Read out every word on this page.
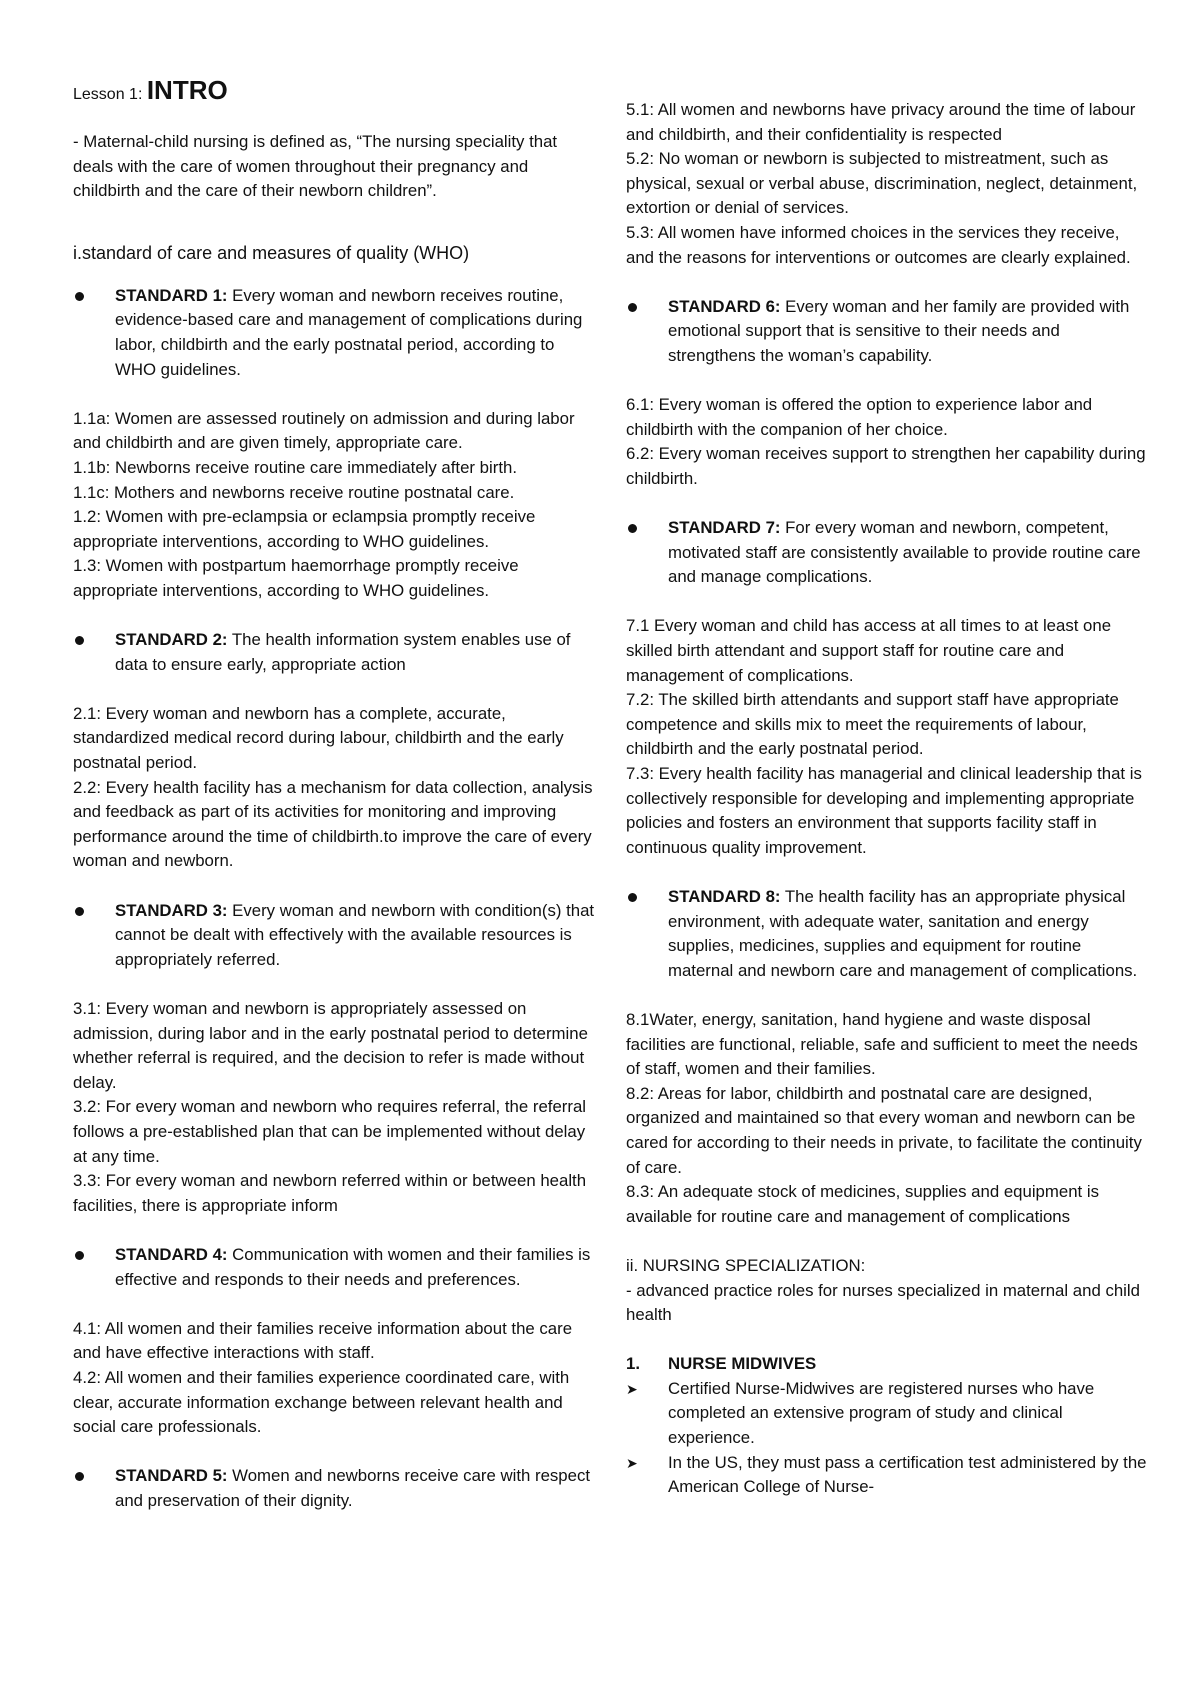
Lesson 1: INTRO

- Maternal-child nursing is defined as, “The nursing speciality that deals with the care of women throughout their pregnancy and childbirth and the care of their newborn children”.

i.standard of care and measures of quality (WHO)

STANDARD 1: Every woman and newborn receives routine, evidence-based care and management of complications during labor, childbirth and the early postnatal period, according to WHO guidelines.

1.1a: Women are assessed routinely on admission and during labor and childbirth and are given timely, appropriate care.

1.1b: Newborns receive routine care immediately after birth.

1.1c: Mothers and newborns receive routine postnatal care.

1.2: Women with pre-eclampsia or eclampsia promptly receive appropriate interventions, according to WHO guidelines.

1.3: Women with postpartum haemorrhage promptly receive appropriate interventions, according to WHO guidelines.

STANDARD 2: The health information system enables use of data to ensure early, appropriate action

2.1: Every woman and newborn has a complete, accurate, standardized medical record during labour, childbirth and the early postnatal period.

2.2: Every health facility has a mechanism for data collection, analysis and feedback as part of its activities for monitoring and improving performance around the time of childbirth.to improve the care of every woman and newborn.

STANDARD 3: Every woman and newborn with condition(s) that cannot be dealt with effectively with the available resources is appropriately referred.

3.1: Every woman and newborn is appropriately assessed on admission, during labor and in the early postnatal period to determine whether referral is required, and the decision to refer is made without delay.

3.2: For every woman and newborn who requires referral, the referral follows a pre-established plan that can be implemented without delay at any time.

3.3: For every woman and newborn referred within or between health facilities, there is appropriate inform

STANDARD 4: Communication with women and their families is effective and responds to their needs and preferences.

4.1: All women and their families receive information about the care and have effective interactions with staff.

4.2: All women and their families experience coordinated care, with clear, accurate information exchange between relevant health and social care professionals.

STANDARD 5: Women and newborns receive care with respect and preservation of their dignity.

5.1: All women and newborns have privacy around the time of labour and childbirth, and their confidentiality is respected

5.2: No woman or newborn is subjected to mistreatment, such as physical, sexual or verbal abuse, discrimination, neglect, detainment, extortion or denial of services.

5.3: All women have informed choices in the services they receive, and the reasons for interventions or outcomes are clearly explained.

STANDARD 6: Every woman and her family are provided with emotional support that is sensitive to their needs and strengthens the woman’s capability.

6.1: Every woman is offered the option to experience labor and childbirth with the companion of her choice.

6.2: Every woman receives support to strengthen her capability during childbirth.

STANDARD 7: For every woman and newborn, competent, motivated staff are consistently available to provide routine care and manage complications.

7.1 Every woman and child has access at all times to at least one skilled birth attendant and support staff for routine care and management of complications.

7.2: The skilled birth attendants and support staff have appropriate competence and skills mix to meet the requirements of labour, childbirth and the early postnatal period.

7.3: Every health facility has managerial and clinical leadership that is collectively responsible for developing and implementing appropriate policies and fosters an environment that supports facility staff in continuous quality improvement.

STANDARD 8: The health facility has an appropriate physical environment, with adequate water, sanitation and energy supplies, medicines, supplies and equipment for routine maternal and newborn care and management of complications.

8.1Water, energy, sanitation, hand hygiene and waste disposal facilities are functional, reliable, safe and sufficient to meet the needs of staff, women and their families.

8.2: Areas for labor, childbirth and postnatal care are designed, organized and maintained so that every woman and newborn can be cared for according to their needs in private, to facilitate the continuity of care.

8.3: An adequate stock of medicines, supplies and equipment is available for routine care and management of complications

ii. NURSING SPECIALIZATION:

- advanced practice roles for nurses specialized in maternal and child health

1. NURSE MIDWIVES

➤ Certified Nurse-Midwives are registered nurses who have completed an extensive program of study and clinical experience.

➤ In the US, they must pass a certification test administered by the American College of Nurse-
